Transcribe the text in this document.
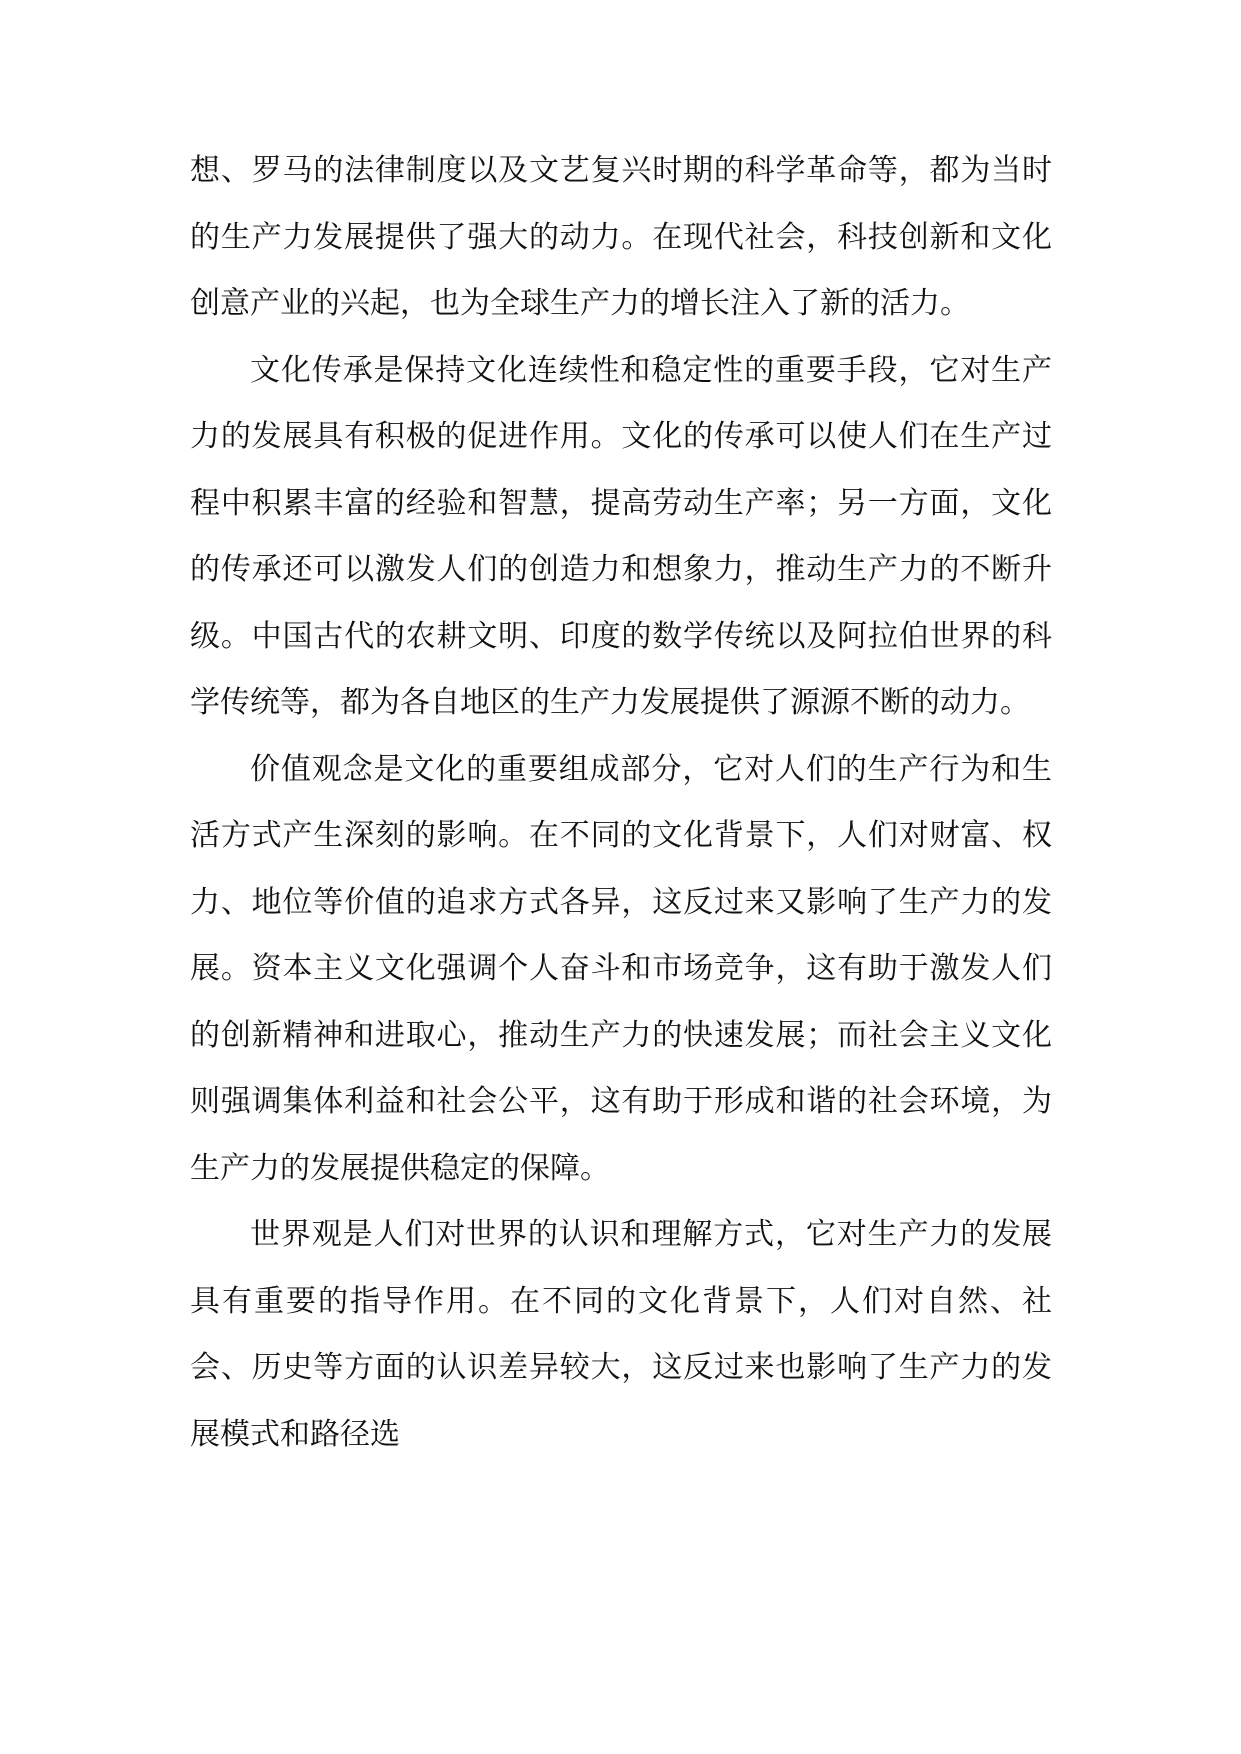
想、罗马的法律制度以及文艺复兴时期的科学革命等，都为当时的生产力发展提供了强大的动力。在现代社会，科技创新和文化创意产业的兴起，也为全球生产力的增长注入了新的活力。

文化传承是保持文化连续性和稳定性的重要手段，它对生产力的发展具有积极的促进作用。文化的传承可以使人们在生产过程中积累丰富的经验和智慧，提高劳动生产率；另一方面，文化的传承还可以激发人们的创造力和想象力，推动生产力的不断升级。中国古代的农耕文明、印度的数学传统以及阿拉伯世界的科学传统等，都为各自地区的生产力发展提供了源源不断的动力。

价值观念是文化的重要组成部分，它对人们的生产行为和生活方式产生深刻的影响。在不同的文化背景下，人们对财富、权力、地位等价值的追求方式各异，这反过来又影响了生产力的发展。资本主义文化强调个人奋斗和市场竞争，这有助于激发人们的创新精神和进取心，推动生产力的快速发展；而社会主义文化则强调集体利益和社会公平，这有助于形成和谐的社会环境，为生产力的发展提供稳定的保障。

世界观是人们对世界的认识和理解方式，它对生产力的发展具有重要的指导作用。在不同的文化背景下，人们对自然、社会、历史等方面的认识差异较大，这反过来也影响了生产力的发展模式和路径选
